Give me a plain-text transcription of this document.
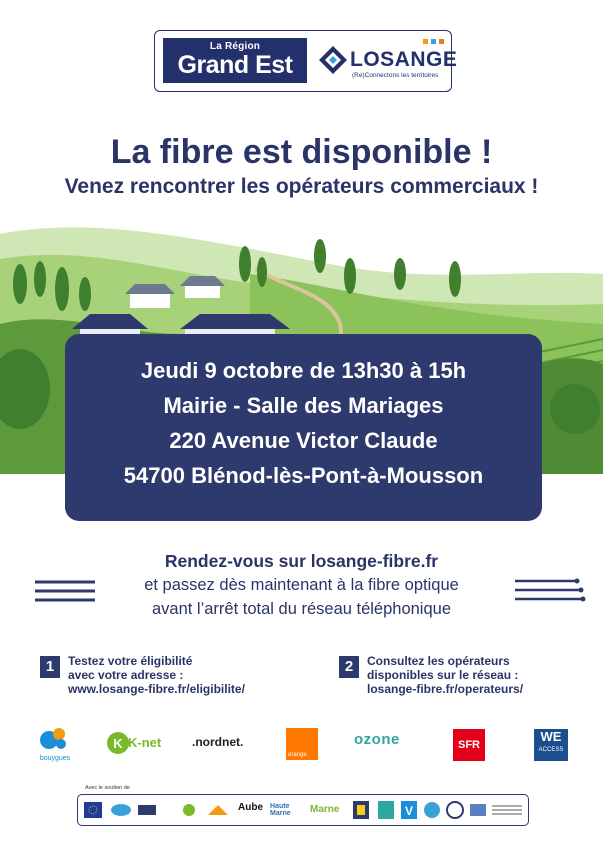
La Région
Grand Est	LOSANGE
(Re)Connectons les territoires
La fibre est disponible !
Venez rencontrer les opérateurs commerciaux !
Jeudi 9 octobre de 13h30 à 15h
Mairie - Salle des Mariages
220 Avenue Victor Claude
54700 Blénod-lès-Pont-à-Mousson
Rendez-vous sur losange-fibre.fr
et passez dès maintenant à la fibre optique
avant l’arrêt total du réseau téléphonique
1	Testez votre éligibilité
avec votre adresse :
www.losange-fibre.fr/eligibilite/
2	Consultez les opérateurs
disponibles sur le réseau :
losange-fibre.fr/operateurs/
bouygues
K K-net	.nordnet.
orange
ozone	SFR
WE
ACCESS
Avec le soutien de
Aube Haute Marne	Marne	V
